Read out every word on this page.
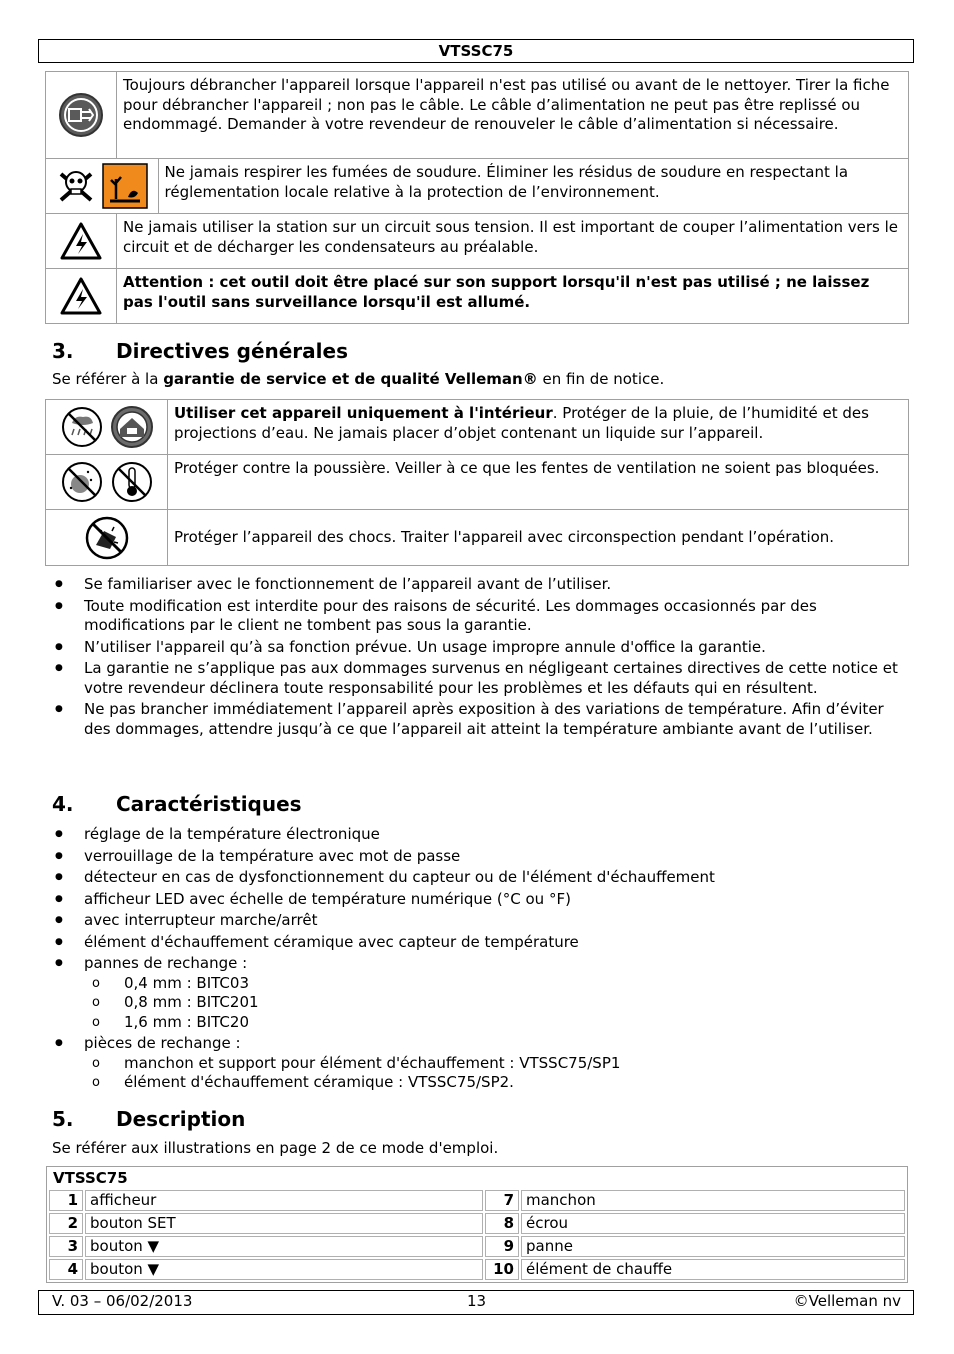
VTSSC75
	Toujours débrancher l'appareil lorsque l'appareil n'est pas utilisé ou avant de le nettoyer. Tirer la fiche pour débrancher l'appareil ; non pas le câble. Le câble d’alimentation ne peut pas être replissé ou endommagé. Demander à votre revendeur de renouveler le câble d’alimentation si nécessaire.	

	Ne jamais respirer les fumées de soudure. Éliminer les résidus de soudure en respectant la réglementation locale relative à la protection de l’environnement.

	Ne jamais utiliser la station sur un circuit sous tension. Il est important de couper l’alimentation vers le circuit et de décharger les condensateurs au préalable.	

	Attention : cet outil doit être placé sur son support lorsqu'il n'est pas utilisé ; ne laissez pas l'outil sans surveillance lorsqu'il est allumé.	
3. Directives générales

Se référer à la garantie de service et de qualité Velleman® en fin de notice.

	Utiliser cet appareil uniquement à l'intérieur. Protéger de la pluie, de l’humidité et des projections d’eau. Ne jamais placer d’objet contenant un liquide sur l’appareil.

	Protéger contre la poussière. Veiller à ce que les fentes de ventilation ne soient pas bloquées.

	Protéger l’appareil des chocs. Traiter l'appareil avec circonspection pendant l’opération.
● Se familiariser avec le fonctionnement de l’appareil avant de l’utiliser.
● Toute modification est interdite pour des raisons de sécurité. Les dommages occasionnés par des modifications par le client ne tombent pas sous la garantie.
● N’utiliser l'appareil qu’à sa fonction prévue. Un usage impropre annule d'office la garantie.
● La garantie ne s’applique pas aux dommages survenus en négligeant certaines directives de cette notice et votre revendeur déclinera toute responsabilité pour les problèmes et les défauts qui en résultent.
● Ne pas brancher immédiatement l’appareil après exposition à des variations de température. Afin d’éviter des dommages, attendre jusqu’à ce que l’appareil ait atteint la température ambiante avant de l’utiliser.
4. Caractéristiques
● réglage de la température électronique
● verrouillage de la température avec mot de passe
● détecteur en cas de dysfonctionnement du capteur ou de l'élément d'échauffement
● afficheur LED avec échelle de température numérique (°C ou °F)
● avec interrupteur marche/arrêt
● élément d'échauffement céramique avec capteur de température
● pannes de rechange :
o 0,4 mm : BITC03
o 0,8 mm : BITC201
o 1,6 mm : BITC20
● pièces de rechange :
o manchon et support pour élément d'échauffement : VTSSC75/SP1
o élément d'échauffement céramique : VTSSC75/SP2.
5. Description

Se référer aux illustrations en page 2 de ce mode d'emploi.

VTSSC75			
1	afficheur	7	manchon
2	bouton SET	8	écrou
3	bouton ▼	9	panne
4	bouton ▼	10	élément de chauffe
V. 03 – 06/02/2013	13	©Velleman nv
